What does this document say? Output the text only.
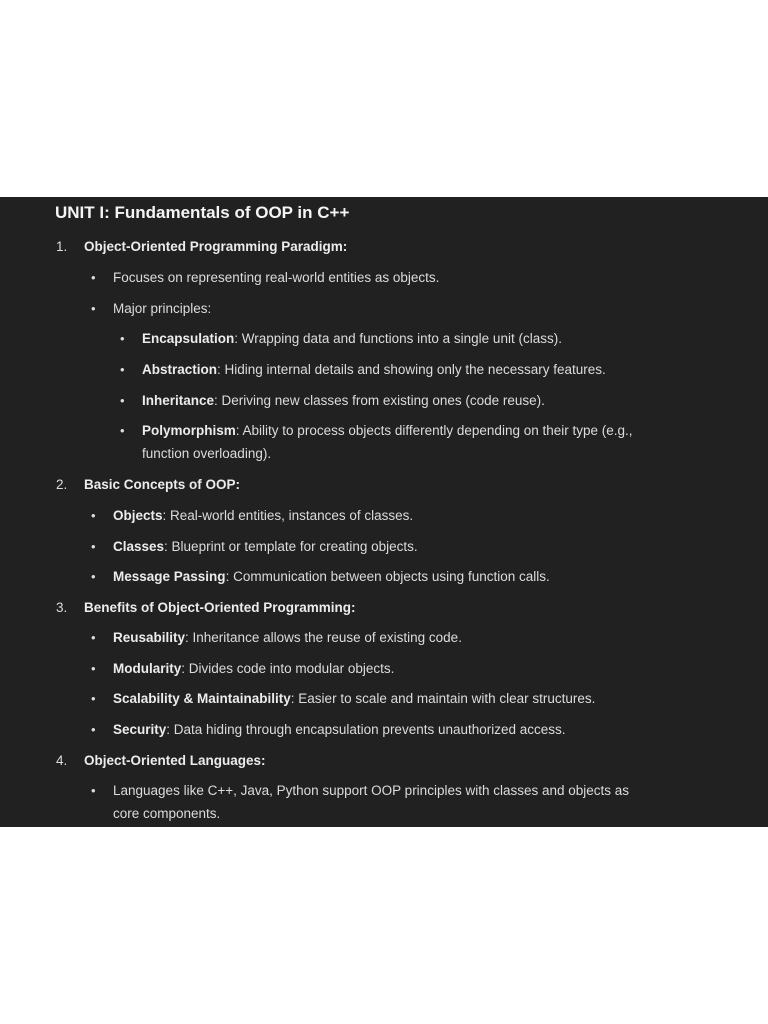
UNIT I: Fundamentals of OOP in C++
1. Object-Oriented Programming Paradigm:
• Focuses on representing real-world entities as objects.
• Major principles:
• Encapsulation: Wrapping data and functions into a single unit (class).
• Abstraction: Hiding internal details and showing only the necessary features.
• Inheritance: Deriving new classes from existing ones (code reuse).
• Polymorphism: Ability to process objects differently depending on their type (e.g.,
function overloading).
2. Basic Concepts of OOP:
• Objects: Real-world entities, instances of classes.
• Classes: Blueprint or template for creating objects.
• Message Passing: Communication between objects using function calls.
3. Benefits of Object-Oriented Programming:
• Reusability: Inheritance allows the reuse of existing code.
• Modularity: Divides code into modular objects.
• Scalability & Maintainability: Easier to scale and maintain with clear structures.
• Security: Data hiding through encapsulation prevents unauthorized access.
4. Object-Oriented Languages:
• Languages like C++, Java, Python support OOP principles with classes and objects as
core components.
